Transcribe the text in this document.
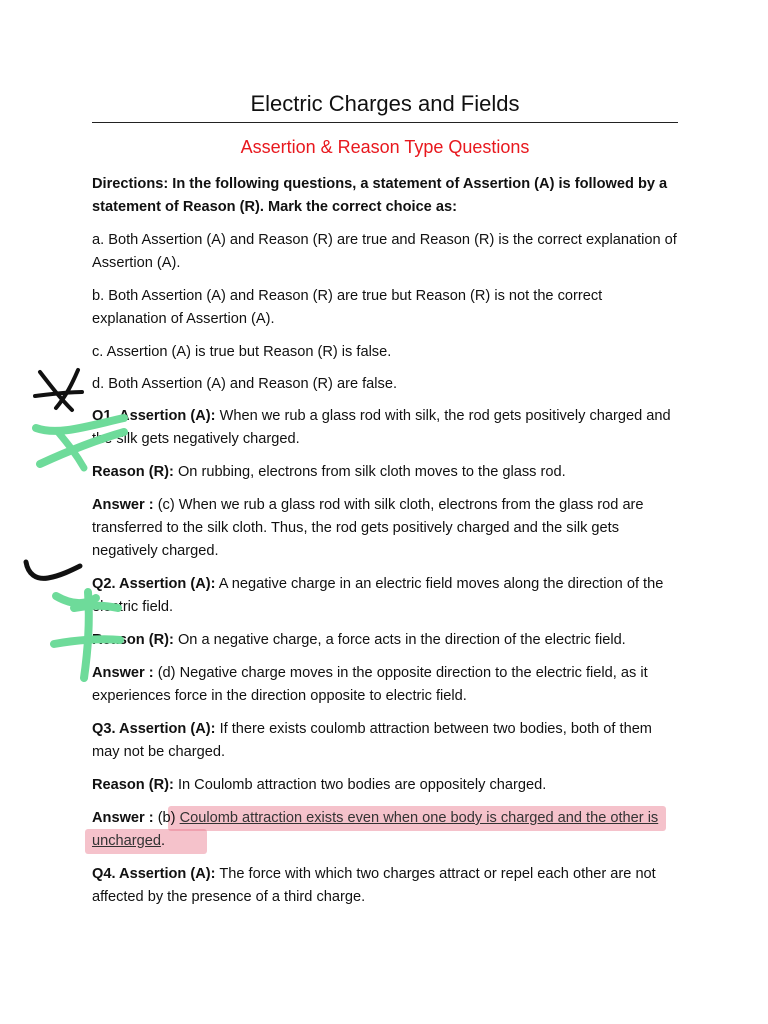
Electric Charges and Fields
Assertion & Reason Type Questions

Directions: In the following questions, a statement of Assertion (A) is followed by a statement of Reason (R). Mark the correct choice as:

a. Both Assertion (A) and Reason (R) are true and Reason (R) is the correct explanation of Assertion (A).

b. Both Assertion (A) and Reason (R) are true but Reason (R) is not the correct explanation of Assertion (A).

c. Assertion (A) is true but Reason (R) is false.

d. Both Assertion (A) and Reason (R) are false.

Q1. Assertion (A): When we rub a glass rod with silk, the rod gets positively charged and the silk gets negatively charged.

Reason (R): On rubbing, electrons from silk cloth moves to the glass rod.

Answer : (c) When we rub a glass rod with silk cloth, electrons from the glass rod are transferred to the silk cloth. Thus, the rod gets positively charged and the silk gets negatively charged.

Q2. Assertion (A): A negative charge in an electric field moves along the direction of the electric field.

Reason (R): On a negative charge, a force acts in the direction of the electric field.

Answer : (d) Negative charge moves in the opposite direction to the electric field, as it experiences force in the direction opposite to electric field.

Q3. Assertion (A): If there exists coulomb attraction between two bodies, both of them may not be charged.

Reason (R): In Coulomb attraction two bodies are oppositely charged.

Answer : (b) Coulomb attraction exists even when one body is charged and the other is uncharged.

Q4. Assertion (A): The force with which two charges attract or repel each other are not affected by the presence of a third charge.
